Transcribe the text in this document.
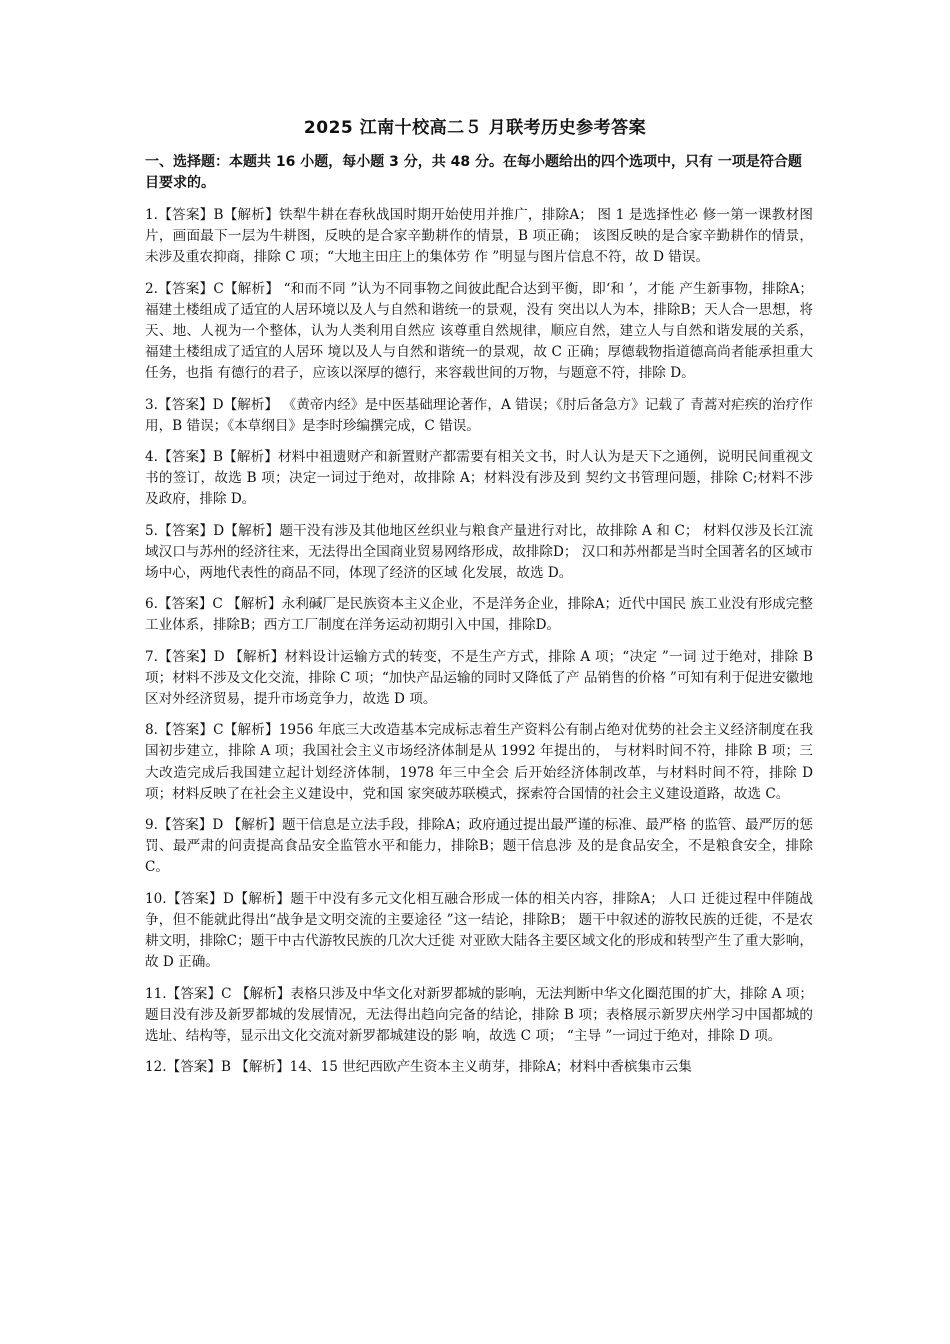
2025 江南十校高二５ 月联考历史参考答案
一、选择题：本题共 16 小题，每小题 3 分，共 48 分。在每小题给出的四个选项中，只有 一项是符合题目要求的。

1.【答案】B【解析】铁犁牛耕在春秋战国时期开始使用并推广，排除A； 图 1 是选择性必 修一第一课教材图片，画面最下一层为牛耕图，反映的是合家辛勤耕作的情景，B 项正确； 该图反映的是合家辛勤耕作的情景，未涉及重农抑商，排除 C 项；“大地主田庄上的集体劳 作 ”明显与图片信息不符，故 D 错误。

2.【答案】C【解析】 “和而不同 ”认为不同事物之间彼此配合达到平衡，即‘和 ’，才能 产生新事物，排除A；福建土楼组成了适宜的人居环境以及人与自然和谐统一的景观，没有 突出以人为本，排除B；天人合一思想，将天、地、人视为一个整体，认为人类利用自然应 该尊重自然规律，顺应自然，建立人与自然和谐发展的关系，福建土楼组成了适宜的人居环 境以及人与自然和谐统一的景观，故 C 正确；厚德载物指道德高尚者能承担重大任务，也指 有德行的君子，应该以深厚的德行，来容载世间的万物，与题意不符，排除 D。

3.【答案】D【解析】 《黄帝内经》是中医基础理论著作，A 错误；《肘后备急方》记载了 青蒿对疟疾的治疗作用，B 错误；《本草纲目》是李时珍编撰完成，C 错误。

4.【答案】B【解析】材料中祖遗财产和新置财产都需要有相关文书，时人认为是天下之通例，说明民间重视文书的签订，故选 B 项；决定一词过于绝对，故排除 A；材料没有涉及到 契约文书管理问题，排除 C;材料不涉及政府，排除 D。

5.【答案】D【解析】题干没有涉及其他地区丝织业与粮食产量进行对比，故排除 A 和 C； 材料仅涉及长江流域汉口与苏州的经济往来，无法得出全国商业贸易网络形成，故排除D； 汉口和苏州都是当时全国著名的区域市场中心，两地代表性的商品不同，体现了经济的区域 化发展，故选 D。

6.【答案】C 【解析】永利碱厂是民族资本主义企业，不是洋务企业，排除A；近代中国民 族工业没有形成完整工业体系，排除B；西方工厂制度在洋务运动初期引入中国，排除D。

7.【答案】D 【解析】材料设计运输方式的转变，不是生产方式，排除 A 项；“决定 ”一词 过于绝对，排除 B 项；材料不涉及文化交流，排除 C 项；“加快产品运输的同时又降低了产 品销售的价格 ”可知有利于促进安徽地区对外经济贸易，提升市场竞争力，故选 D 项。

8.【答案】C【解析】1956 年底三大改造基本完成标志着生产资料公有制占绝对优势的社会主义经济制度在我国初步建立，排除 A 项；我国社会主义市场经济体制是从 1992 年提出的， 与材料时间不符，排除 B 项；三大改造完成后我国建立起计划经济体制，1978 年三中全会 后开始经济体制改革，与材料时间不符，排除 D 项；材料反映了在社会主义建设中，党和国 家突破苏联模式，探索符合国情的社会主义建设道路，故选 C。

9.【答案】D 【解析】题干信息是立法手段，排除A；政府通过提出最严谨的标准、最严格 的监管、最严厉的惩罚、最严肃的问责提高食品安全监管水平和能力，排除B；题干信息涉 及的是食品安全，不是粮食安全，排除 C。

10.【答案】D【解析】题干中没有多元文化相互融合形成一体的相关内容，排除A； 人口 迁徙过程中伴随战争，但不能就此得出“战争是文明交流的主要途径 ”这一结论，排除B； 题干中叙述的游牧民族的迁徙，不是农耕文明，排除C；题干中古代游牧民族的几次大迁徙 对亚欧大陆各主要区域文化的形成和转型产生了重大影响，故 D 正确。

11.【答案】C 【解析】表格只涉及中华文化对新罗都城的影响，无法判断中华文化圈范围的扩大，排除 A 项；题目没有涉及新罗都城的发展情况，无法得出趋向完备的结论，排除 B 项；表格展示新罗庆州学习中国都城的选址、结构等，显示出文化交流对新罗都城建设的影 响，故选 C 项； “主导 ”一词过于绝对，排除 D 项。

12.【答案】B 【解析】14、15 世纪西欧产生资本主义萌芽，排除A；材料中香槟集市云集
